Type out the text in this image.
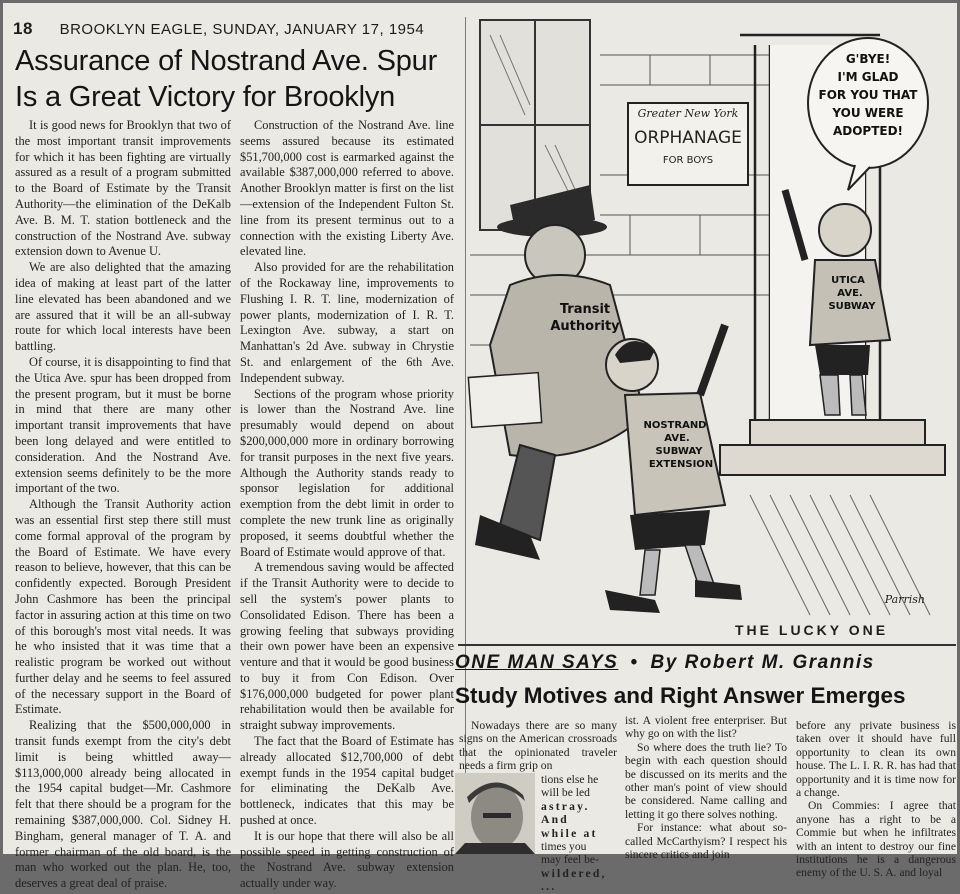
18 BROOKLYN EAGLE, SUNDAY, JANUARY 17, 1954
Assurance of Nostrand Ave. Spur
Is a Great Victory for Brooklyn

It is good news for Brooklyn that two of the most important transit improvements for which it has been fighting are virtually assured as a result of a program submitted to the Board of Estimate by the Transit Authority—the elimination of the DeKalb Ave. B. M. T. station bottleneck and the construction of the Nostrand Ave. subway extension down to Avenue U.

We are also delighted that the amazing idea of making at least part of the latter line elevated has been abandoned and we are assured that it will be an all-subway route for which local interests have been battling.

Of course, it is disappointing to find that the Utica Ave. spur has been dropped from the present program, but it must be borne in mind that there are many other important transit improvements that have been long delayed and were entitled to consideration. And the Nostrand Ave. extension seems definitely to be the more important of the two.

Although the Transit Authority action was an essential first step there still must come formal approval of the program by the Board of Estimate. We have every reason to believe, however, that this can be confidently expected. Borough President John Cashmore has been the principal factor in assuring action at this time on two of this borough's most vital needs. It was he who insisted that it was time that a realistic program be worked out without further delay and he seems to feel assured of the necessary support in the Board of Estimate.

Realizing that the $500,000,000 in transit funds exempt from the city's debt limit is being whittled away—$113,000,000 already being allocated in the 1954 capital budget—Mr. Cashmore felt that there should be a program for the remaining $387,000,000. Col. Sidney H. Bingham, general manager of T. A. and former chairman of the old board, is the man who worked out the plan. He, too, deserves a great deal of praise.

Construction of the Nostrand Ave. line seems assured because its estimated $51,700,000 cost is earmarked against the available $387,000,000 referred to above. Another Brooklyn matter is first on the list—extension of the Independent Fulton St. line from its present terminus out to a connection with the existing Liberty Ave. elevated line.

Also provided for are the rehabilitation of the Rockaway line, improvements to Flushing I. R. T. line, modernization of power plants, modernization of I. R. T. Lexington Ave. subway, a start on Manhattan's 2d Ave. subway in Chrystie St. and enlargement of the 6th Ave. Independent subway.

Sections of the program whose priority is lower than the Nostrand Ave. line presumably would depend on about $200,000,000 more in ordinary borrowing for transit purposes in the next five years. Although the Authority stands ready to sponsor legislation for additional exemption from the debt limit in order to complete the new trunk line as originally proposed, it seems doubtful whether the Board of Estimate would approve of that.

A tremendous saving would be affected if the Transit Authority were to decide to sell the system's power plants to Consolidated Edison. There has been a growing feeling that subways providing their own power have been an expensive venture and that it would be good business to buy it from Con Edison. Over $176,000,000 budgeted for power plant rehabilitation would then be available for straight subway improvements.

The fact that the Board of Estimate has already allocated $12,700,000 of debt exempt funds in the 1954 capital budget for eliminating the DeKalb Ave. bottleneck, indicates that this may be pushed at once.

It is our hope that there will also be all possible speed in getting construction of the Nostrand Ave. subway extension actually under way.

Greater New York
ORPHANAGE
FOR BOYS
G'BYE!
I'M GLAD
FOR YOU THAT
YOU WERE
ADOPTED!
Transit
Authority
UTICA
AVE.
SUBWAY
NOSTRAND
AVE.
SUBWAY
EXTENSION
Parrish
THE LUCKY ONE
ONE MAN SAYS • By Robert M. Grannis
Study Motives and Right Answer Emerges

Nowadays there are so many signs on the American crossroads that the opinionated traveler needs a firm grip on

tions else he
will be led
astray. And
while at
times you
may feel be-
wildered, ...

ist. A violent free enterpriser. But why go on with the list?

So where does the truth lie? To begin with each question should be discussed on its merits and the other man's point of view should be considered. Name calling and letting it go there solves nothing.

For instance: what about so-called McCarthyism? I respect his sincere critics and join

before any private business is taken over it should have full opportunity to clean its own house. The L. I. R. R. has had that opportunity and it is time now for a change.

On Commies: I agree that anyone has a right to be a Commie but when he infiltrates with an intent to destroy our fine institutions he is a dangerous enemy of the U. S. A. and loyal
